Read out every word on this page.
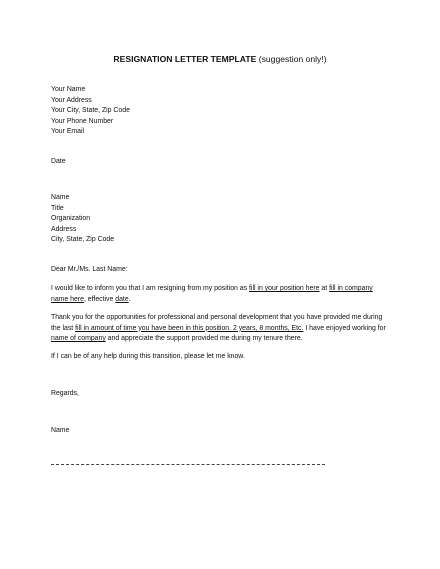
RESIGNATION LETTER TEMPLATE (suggestion only!)
Your Name
Your Address
Your City, State, Zip Code
Your Phone Number
Your Email
Date
Name
Title
Organization
Address
City, State, Zip Code
Dear Mr./Ms. Last Name:
I would like to inform you that I am resigning from my position as fill in your position here at fill in company name here, effective date.
Thank you for the opportunities for professional and personal development that you have provided me during the last fill in amount of time you have been in this position. 2 years, 8 months, Etc. I have enjoyed working for name of company and appreciate the support provided me during my tenure there.
If I can be of any help during this transition, please let me know.
Regards,
Name
